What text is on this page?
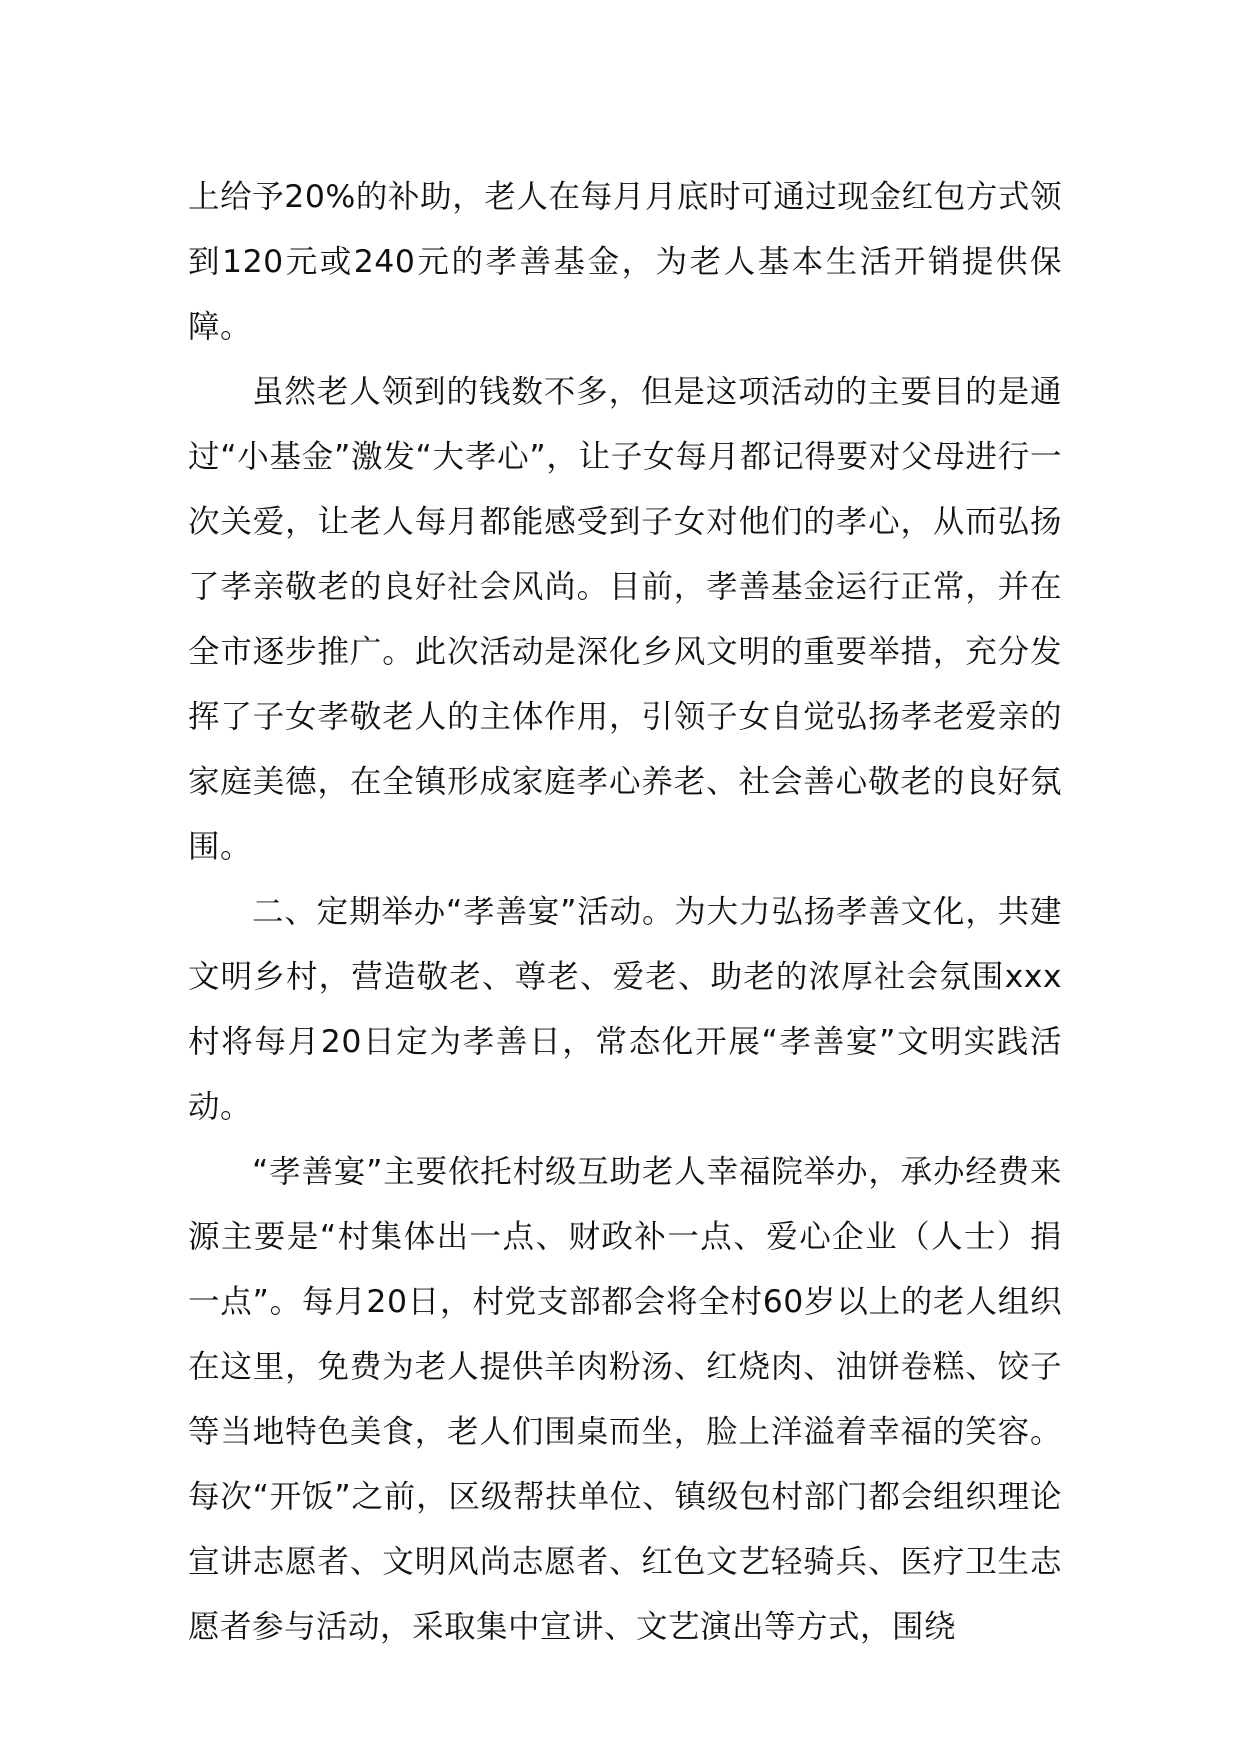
上给予20%的补助，老人在每月月底时可通过现金红包方式领到120元或240元的孝善基金，为老人基本生活开销提供保障。

虽然老人领到的钱数不多，但是这项活动的主要目的是通过“小基金”激发“大孝心”，让子女每月都记得要对父母进行一次关爱，让老人每月都能感受到子女对他们的孝心，从而弘扬了孝亲敬老的良好社会风尚。目前，孝善基金运行正常，并在全市逐步推广。此次活动是深化乡风文明的重要举措，充分发挥了子女孝敬老人的主体作用，引领子女自觉弘扬孝老爱亲的家庭美德，在全镇形成家庭孝心养老、社会善心敬老的良好氛围。

二、定期举办“孝善宴”活动。为大力弘扬孝善文化，共建文明乡村，营造敬老、尊老、爱老、助老的浓厚社会氛围xxx村将每月20日定为孝善日，常态化开展“孝善宴”文明实践活动。

“孝善宴”主要依托村级互助老人幸福院举办，承办经费来源主要是“村集体出一点、财政补一点、爱心企业（人士）捐一点”。每月20日，村党支部都会将全村60岁以上的老人组织在这里，免费为老人提供羊肉粉汤、红烧肉、油饼卷糕、饺子等当地特色美食，老人们围桌而坐，脸上洋溢着幸福的笑容。每次“开饭”之前，区级帮扶单位、镇级包村部门都会组织理论宣讲志愿者、文明风尚志愿者、红色文艺轻骑兵、医疗卫生志愿者参与活动，采取集中宣讲、文艺演出等方式，围绕
